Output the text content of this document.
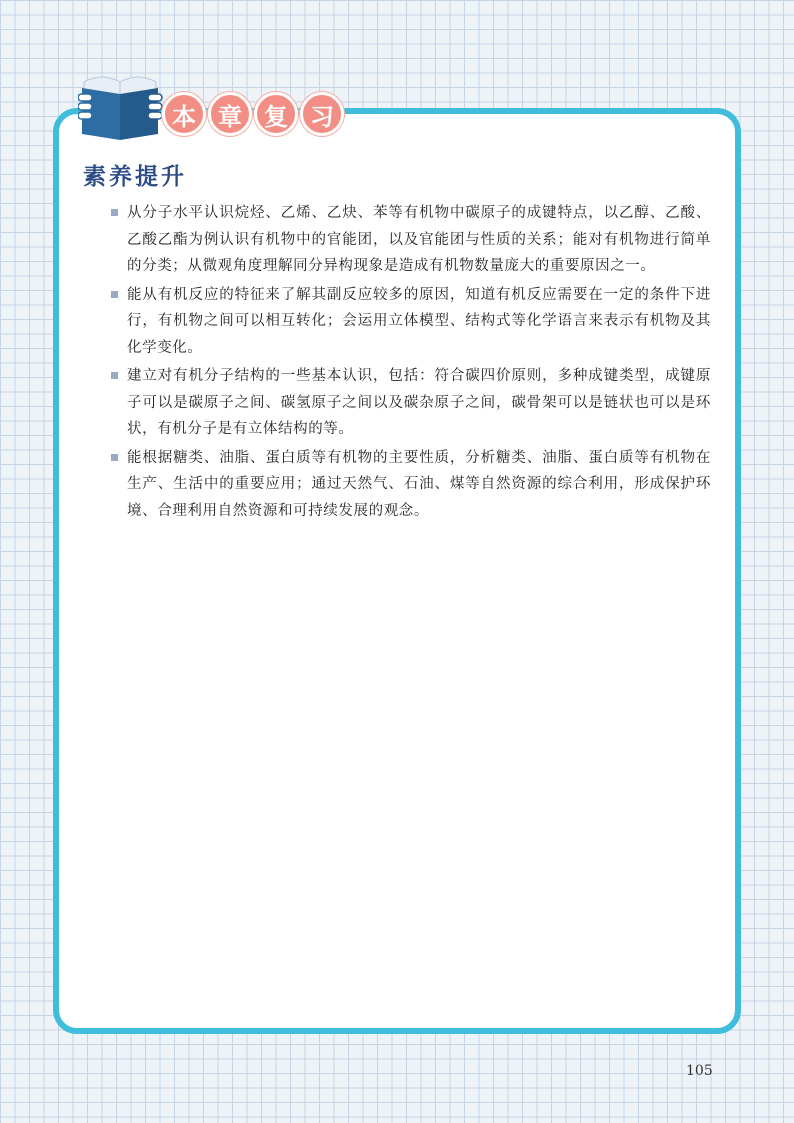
本 章 复 习
素养提升
从分子水平认识烷烃、乙烯、乙炔、苯等有机物中碳原子的成键特点，以乙醇、乙酸、乙酸乙酯为例认识有机物中的官能团，以及官能团与性质的关系；能对有机物进行简单的分类；从微观角度理解同分异构现象是造成有机物数量庞大的重要原因之一。
能从有机反应的特征来了解其副反应较多的原因，知道有机反应需要在一定的条件下进行，有机物之间可以相互转化；会运用立体模型、结构式等化学语言来表示有机物及其化学变化。
建立对有机分子结构的一些基本认识，包括：符合碳四价原则，多种成键类型，成键原子可以是碳原子之间、碳氢原子之间以及碳杂原子之间，碳骨架可以是链状也可以是环状，有机分子是有立体结构的等。
能根据糖类、油脂、蛋白质等有机物的主要性质，分析糖类、油脂、蛋白质等有机物在生产、生活中的重要应用；通过天然气、石油、煤等自然资源的综合利用，形成保护环境、合理利用自然资源和可持续发展的观念。
105
